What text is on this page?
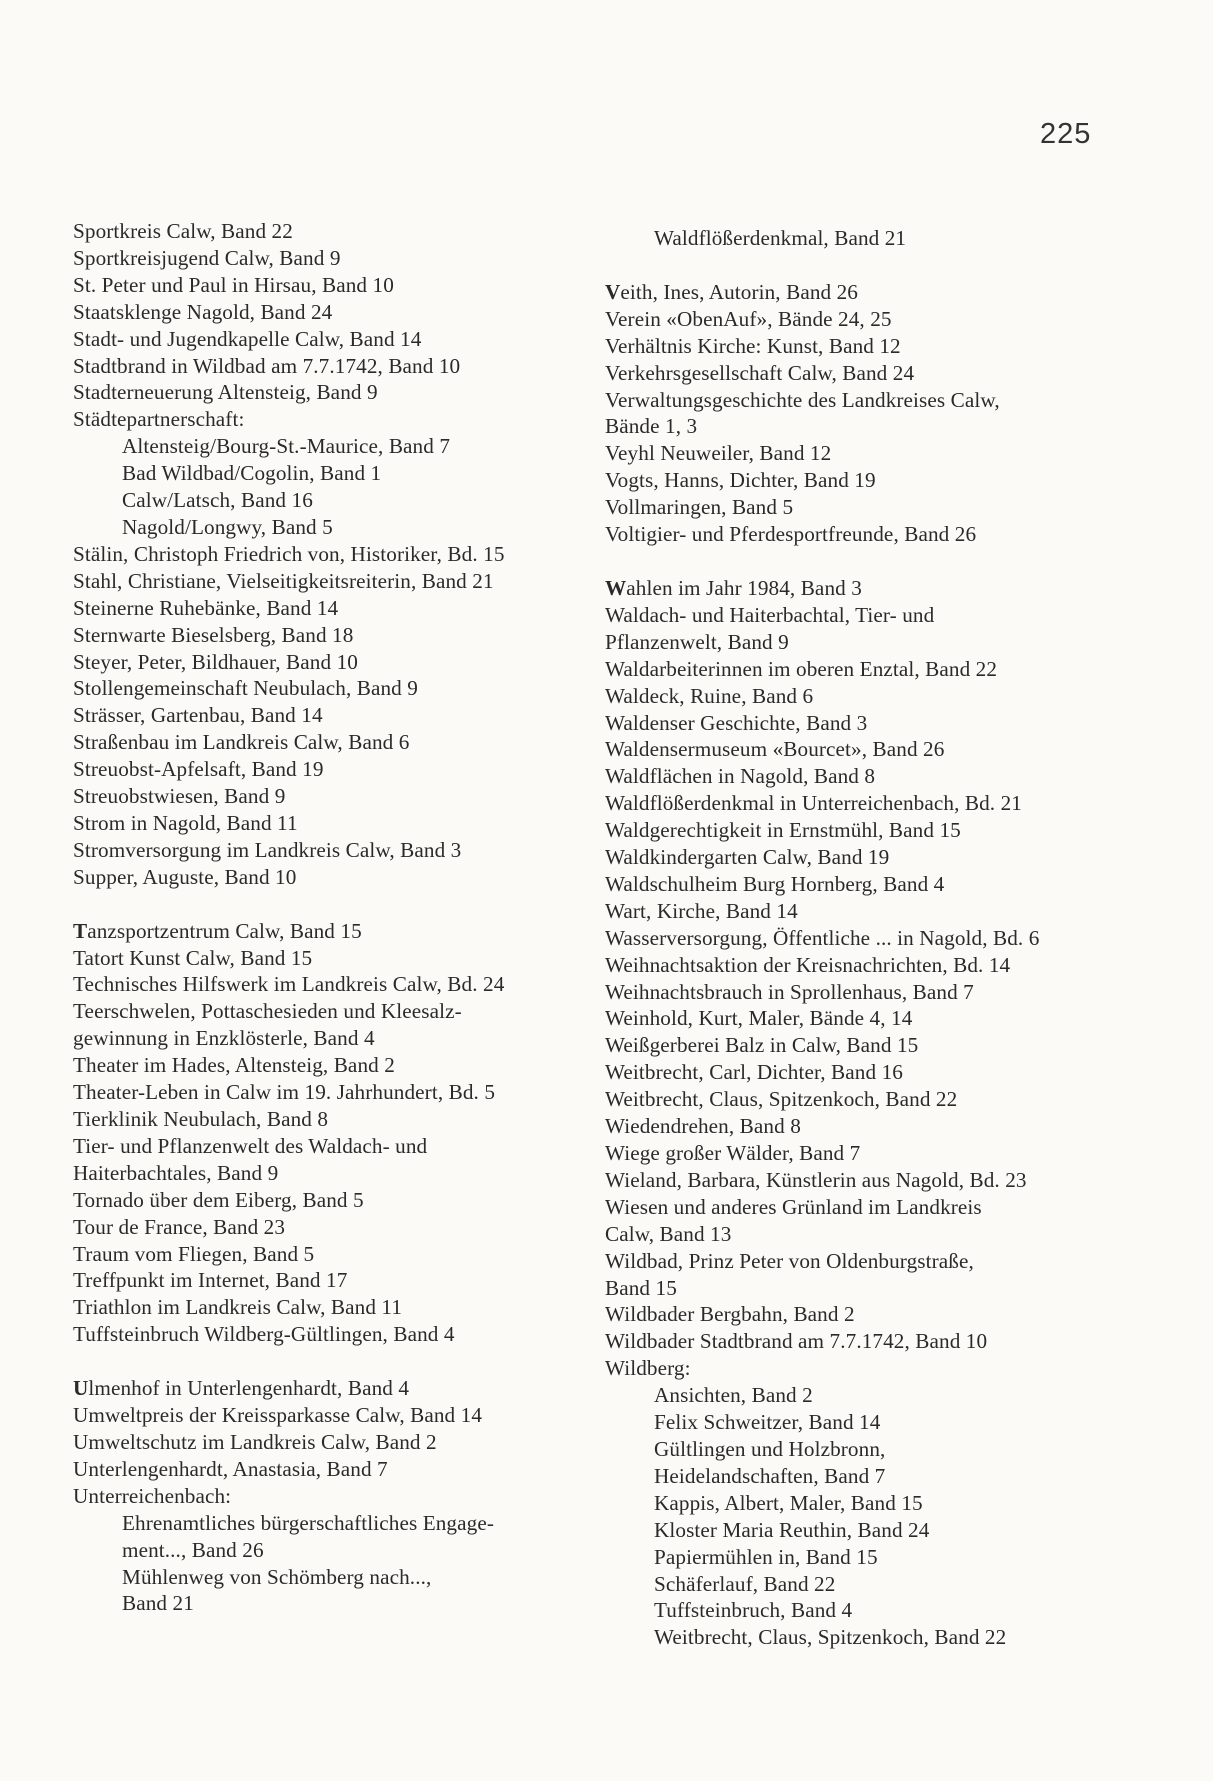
225
Sportkreis Calw, Band 22
Sportkreisjugend Calw, Band 9
St. Peter und Paul in Hirsau, Band 10
Staatsklenge Nagold, Band 24
Stadt- und Jugendkapelle Calw, Band 14
Stadtbrand in Wildbad am 7.7.1742, Band 10
Stadterneuerung Altensteig, Band 9
Städtepartnerschaft:
Altensteig/Bourg-St.-Maurice, Band 7
Bad Wildbad/Cogolin, Band 1
Calw/Latsch, Band 16
Nagold/Longwy, Band 5
Stälin, Christoph Friedrich von, Historiker, Bd. 15
Stahl, Christiane, Vielseitigkeitsreiterin, Band 21
Steinerne Ruhebänke, Band 14
Sternwarte Bieselsberg, Band 18
Steyer, Peter, Bildhauer, Band 10
Stollengemeinschaft Neubulach, Band 9
Strässer, Gartenbau, Band 14
Straßenbau im Landkreis Calw, Band 6
Streuobst-Apfelsaft, Band 19
Streuobstwiesen, Band 9
Strom in Nagold, Band 11
Stromversorgung im Landkreis Calw, Band 3
Supper, Auguste, Band 10
Tanzsportzentrum Calw, Band 15
Tatort Kunst Calw, Band 15
Technisches Hilfswerk im Landkreis Calw, Bd. 24
Teerschwelen, Pottaschesieden und Kleesalz-
gewinnung in Enzklösterle, Band 4
Theater im Hades, Altensteig, Band 2
Theater-Leben in Calw im 19. Jahrhundert, Bd. 5
Tierklinik Neubulach, Band 8
Tier- und Pflanzenwelt des Waldach- und
Haiterbachtales, Band 9
Tornado über dem Eiberg, Band 5
Tour de France, Band 23
Traum vom Fliegen, Band 5
Treffpunkt im Internet, Band 17
Triathlon im Landkreis Calw, Band 11
Tuffsteinbruch Wildberg-Gültlingen, Band 4
Ulmenhof in Unterlengenhardt, Band 4
Umweltpreis der Kreissparkasse Calw, Band 14
Umweltschutz im Landkreis Calw, Band 2
Unterlengenhardt, Anastasia, Band 7
Unterreichenbach:
Ehrenamtliches bürgerschaftliches Engage-
ment..., Band 26
Mühlenweg von Schömberg nach...,
Band 21
Waldflößerdenkmal, Band 21
Veith, Ines, Autorin, Band 26
Verein «ObenAuf», Bände 24, 25
Verhältnis Kirche: Kunst, Band 12
Verkehrsgesellschaft Calw, Band 24
Verwaltungsgeschichte des Landkreises Calw,
Bände 1, 3
Veyhl Neuweiler, Band 12
Vogts, Hanns, Dichter, Band 19
Vollmaringen, Band 5
Voltigier- und Pferdesportfreunde, Band 26
Wahlen im Jahr 1984, Band 3
Waldach- und Haiterbachtal, Tier- und
Pflanzenwelt, Band 9
Waldarbeiterinnen im oberen Enztal, Band 22
Waldeck, Ruine, Band 6
Waldenser Geschichte, Band 3
Waldensermuseum «Bourcet», Band 26
Waldflächen in Nagold, Band 8
Waldflößerdenkmal in Unterreichenbach, Bd. 21
Waldgerechtigkeit in Ernstmühl, Band 15
Waldkindergarten Calw, Band 19
Waldschulheim Burg Hornberg, Band 4
Wart, Kirche, Band 14
Wasserversorgung, Öffentliche ... in Nagold, Bd. 6
Weihnachtsaktion der Kreisnachrichten, Bd. 14
Weihnachtsbrauch in Sprollenhaus, Band 7
Weinhold, Kurt, Maler, Bände 4, 14
Weißgerberei Balz in Calw, Band 15
Weitbrecht, Carl, Dichter, Band 16
Weitbrecht, Claus, Spitzenkoch, Band 22
Wiedendrehen, Band 8
Wiege großer Wälder, Band 7
Wieland, Barbara, Künstlerin aus Nagold, Bd. 23
Wiesen und anderes Grünland im Landkreis
Calw, Band 13
Wildbad, Prinz Peter von Oldenburgstraße,
Band 15
Wildbader Bergbahn, Band 2
Wildbader Stadtbrand am 7.7.1742, Band 10
Wildberg:
Ansichten, Band 2
Felix Schweitzer, Band 14
Gültlingen und Holzbronn,
Heidelandschaften, Band 7
Kappis, Albert, Maler, Band 15
Kloster Maria Reuthin, Band 24
Papiermühlen in, Band 15
Schäferlauf, Band 22
Tuffsteinbruch, Band 4
Weitbrecht, Claus, Spitzenkoch, Band 22
